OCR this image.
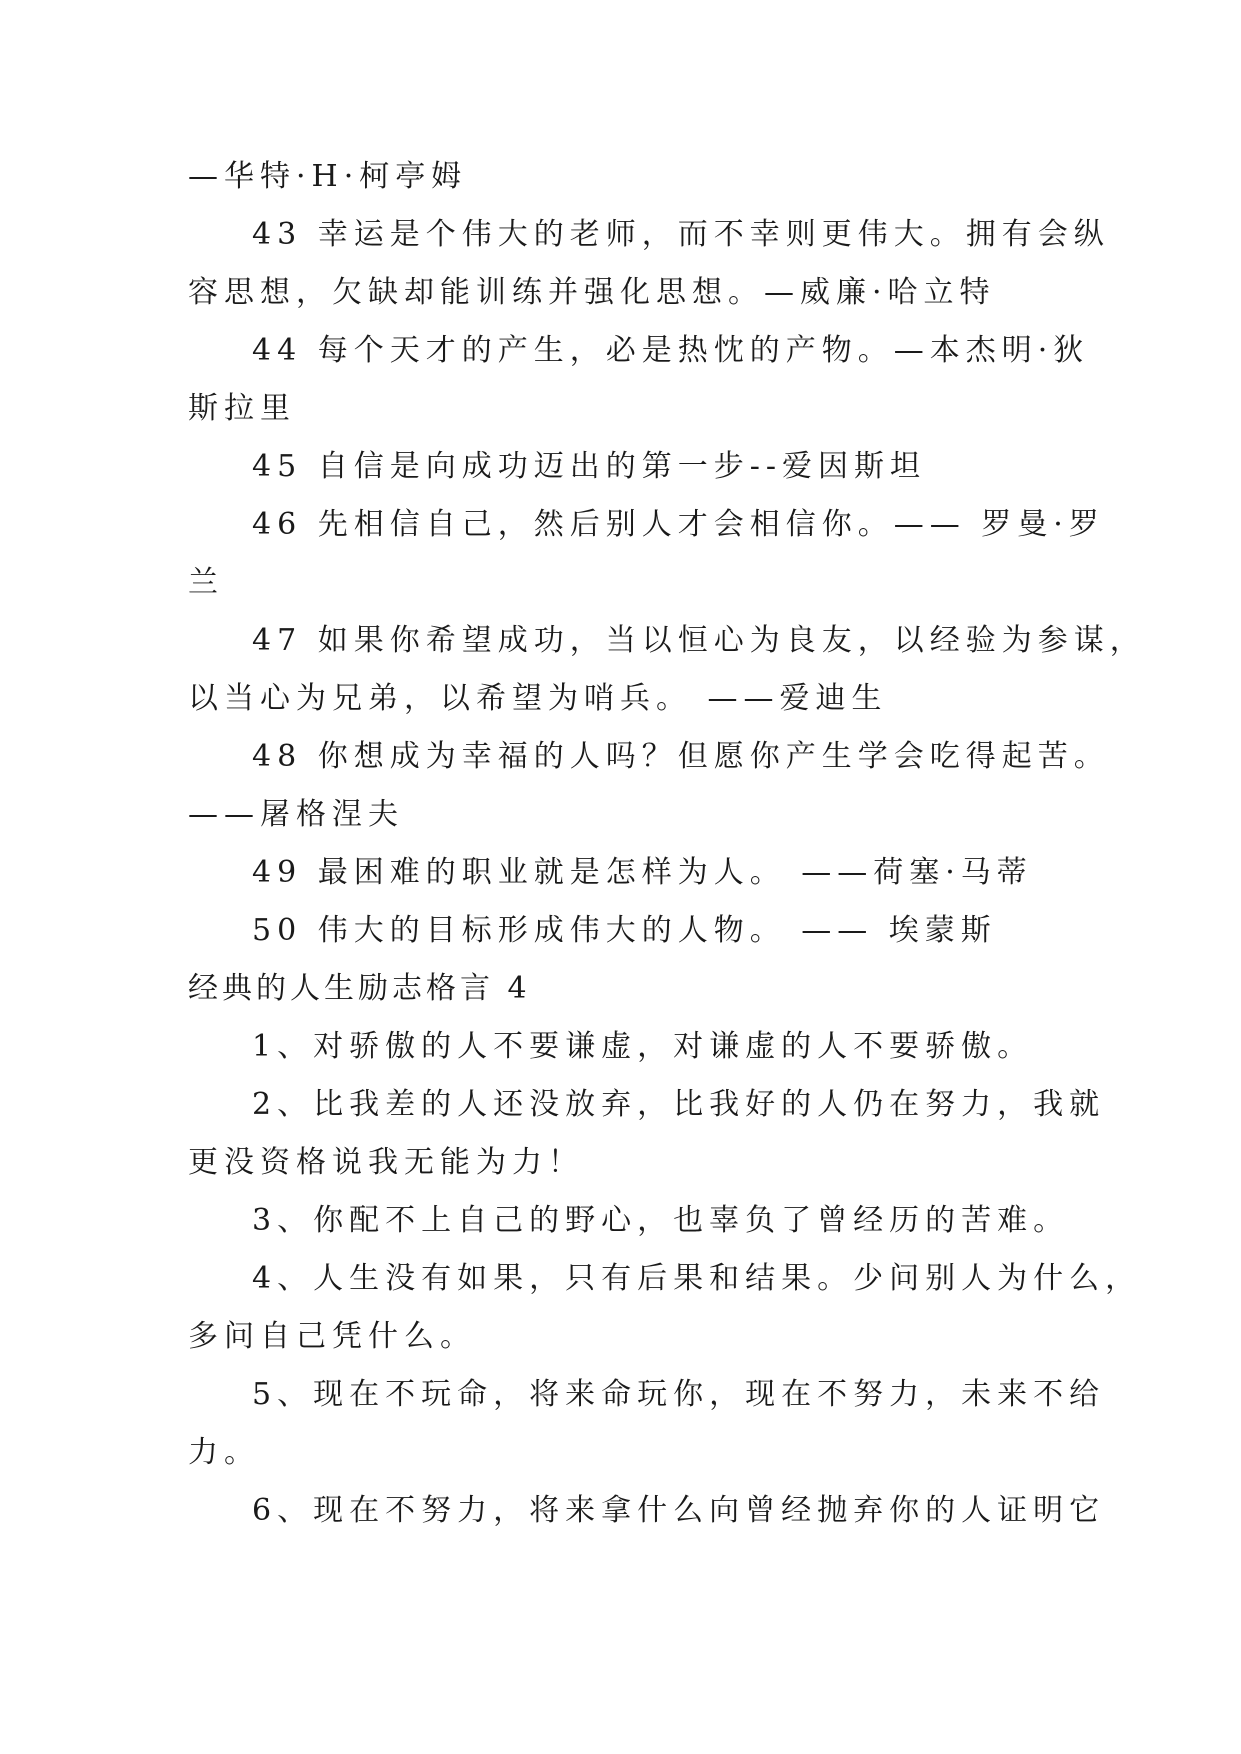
—华特·H·柯亭姆
43 幸运是个伟大的老师，而不幸则更伟大。拥有会纵
容思想，欠缺却能训练并强化思想。—威廉·哈立特
44 每个天才的产生，必是热忱的产物。—本杰明·狄
斯拉里
45 自信是向成功迈出的第一步--爱因斯坦
46 先相信自己，然后别人才会相信你。—— 罗曼·罗
兰
47 如果你希望成功，当以恒心为良友，以经验为参谋，
以当心为兄弟，以希望为哨兵。 ——爱迪生
48 你想成为幸福的人吗？但愿你产生学会吃得起苦。
——屠格涅夫
49 最困难的职业就是怎样为人。 ——荷塞·马蒂
50 伟大的目标形成伟大的人物。 —— 埃蒙斯
经典的人生励志格言 4
1、对骄傲的人不要谦虚，对谦虚的人不要骄傲。
2、比我差的人还没放弃，比我好的人仍在努力，我就
更没资格说我无能为力！
3、你配不上自己的野心，也辜负了曾经历的苦难。
4、人生没有如果，只有后果和结果。少问别人为什么，
多问自己凭什么。
5、现在不玩命，将来命玩你，现在不努力，未来不给
力。
6、现在不努力，将来拿什么向曾经抛弃你的人证明它
